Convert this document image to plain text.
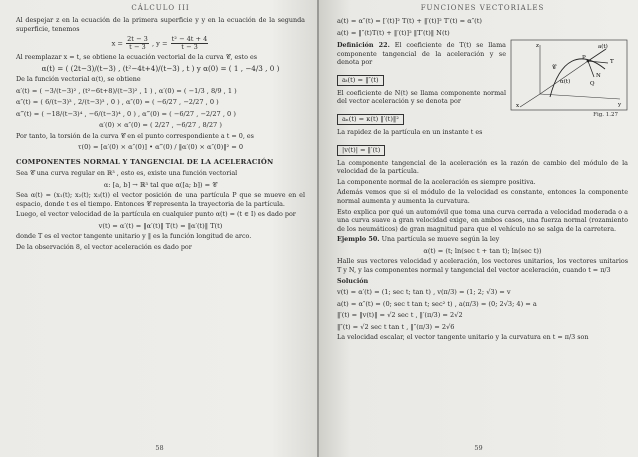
CÁLCULO III
Al despejar z en la ecuación de la primera superficie y y en la ecuación de la segunda superficie, tenemos
$x = \frac{2t - 3}{t - 3}$ , $y = \frac{\text{t² − 4t + 4}}{t - 3}$
Al reemplazar x = t, se obtiene la ecuación vectorial de la curva 𝒞, esto es
α(t) = ( (2t−3)/(t−3) , (t²−4t+4)/(t−3) , t ) y α(0) = ( 1 , −4/3 , 0 )
De la función vectorial α(t), se obtiene
α′(t) = ( −3/(t−3)² , (t²−6t+8)/(t−3)² , 1 ) , α′(0) = ( −1/3 , 8/9 , 1 )
α″(t) = ( 6/(t−3)³ , 2/(t−3)³ , 0 ) , α″(0) = ( −6/27 , −2/27 , 0 )
α‴(t) = ( −18/(t−3)⁴ , −6/(t−3)⁴ , 0 ) , α‴(0) = ( −6/27 , −2/27 , 0 )
α′(0) × α″(0) = ( 2/27 , −6/27 , 8/27 )
Por tanto, la torsión de la curva 𝒞 en el punto correspondiente a t = 0, es
τ(0) = [α′(0) × α″(0)] • α‴(0) / ‖α′(0) × α″(0)‖² = 0
COMPONENTES NORMAL Y TANGENCIAL DE LA ACELERACIÓN
Sea 𝒞 una curva regular en ℝ³ , esto es, existe una función vectorial
α: [a, b] → ℝ³ tal que α([a; b]) = 𝒞
Sea α(t) = (x₁(t); x₂(t); x₃(t)) el vector posición de una partícula P que se mueve en el espacio, donde t es el tiempo. Entonces 𝒞 representa la trayectoria de la partícula.
Luego, el vector velocidad de la partícula en cualquier punto α(t) = (t ∈ I) es dado por
v(t) = α′(t) = ‖α′(t)‖ T(t) = ‖α′(t)‖ T(t)
donde T es el vector tangente unitario y ‖ es la función longitud de arco.
De la observación 8, el vector aceleración es dado por
58
FUNCIONES VECTORIALES
a(t) = α″(t) = [′(t)]² T(t) + ‖′(t)]² T′(t) = α″(t)
a(t) = ‖″(t)T(t) + ‖′(t)]² ‖T′(t)‖ N(t)
Definición 22. El coeficiente de T(t) se llama componente tangencial de la aceleración y se denota por
aₜ(t) = ‖″(t)
El coeficiente de N(t) se llama componente normal del vector aceleración y se denota por
aₙ(t) = κ(t) ‖′(t)‖²
La rapidez de la partícula en un instante t es
|v(t)| = ‖′(t)
a(t)
T
N
Q
P
α(t)
𝒞
z
y
x
Fig. 1.27
La componente tangencial de la aceleración es la razón de cambio del módulo de la velocidad de la partícula.
La componente normal de la aceleración es siempre positiva.
Además vemos que si el módulo de la velocidad es constante, entonces la componente normal aumenta y aumenta la curvatura.
Esto explica por qué un automóvil que toma una curva cerrada a velocidad moderada o a una curva suave a gran velocidad exige, en ambos casos, una fuerza normal (rozamiento de los neumáticos) de gran magnitud para que el vehículo no se salga de la carretera.
Ejemplo 50. Una partícula se mueve según la ley
α(t) = (t; ln(sec t + tan t); ln(sec t))
Halle sus vectores velocidad y aceleración, los vectores unitarios, los vectores unitarios T y N, y las componentes normal y tangencial del vector aceleración, cuando t = π/3
Solución
v(t) = α′(t) = (1; sec t; tan t) , v(π/3) = (1; 2; √3) = v
a(t) = α″(t) = (0; sec t tan t; sec² t) , a(π/3) = (0; 2√3; 4) = a
‖′(t) = ‖v(t)‖ = √2 sec t , ‖′(π/3) = 2√2
‖″(t) = √2 sec t tan t , ‖″(π/3) = 2√6
La velocidad escalar, el vector tangente unitario y la curvatura en t = π/3 son
59
